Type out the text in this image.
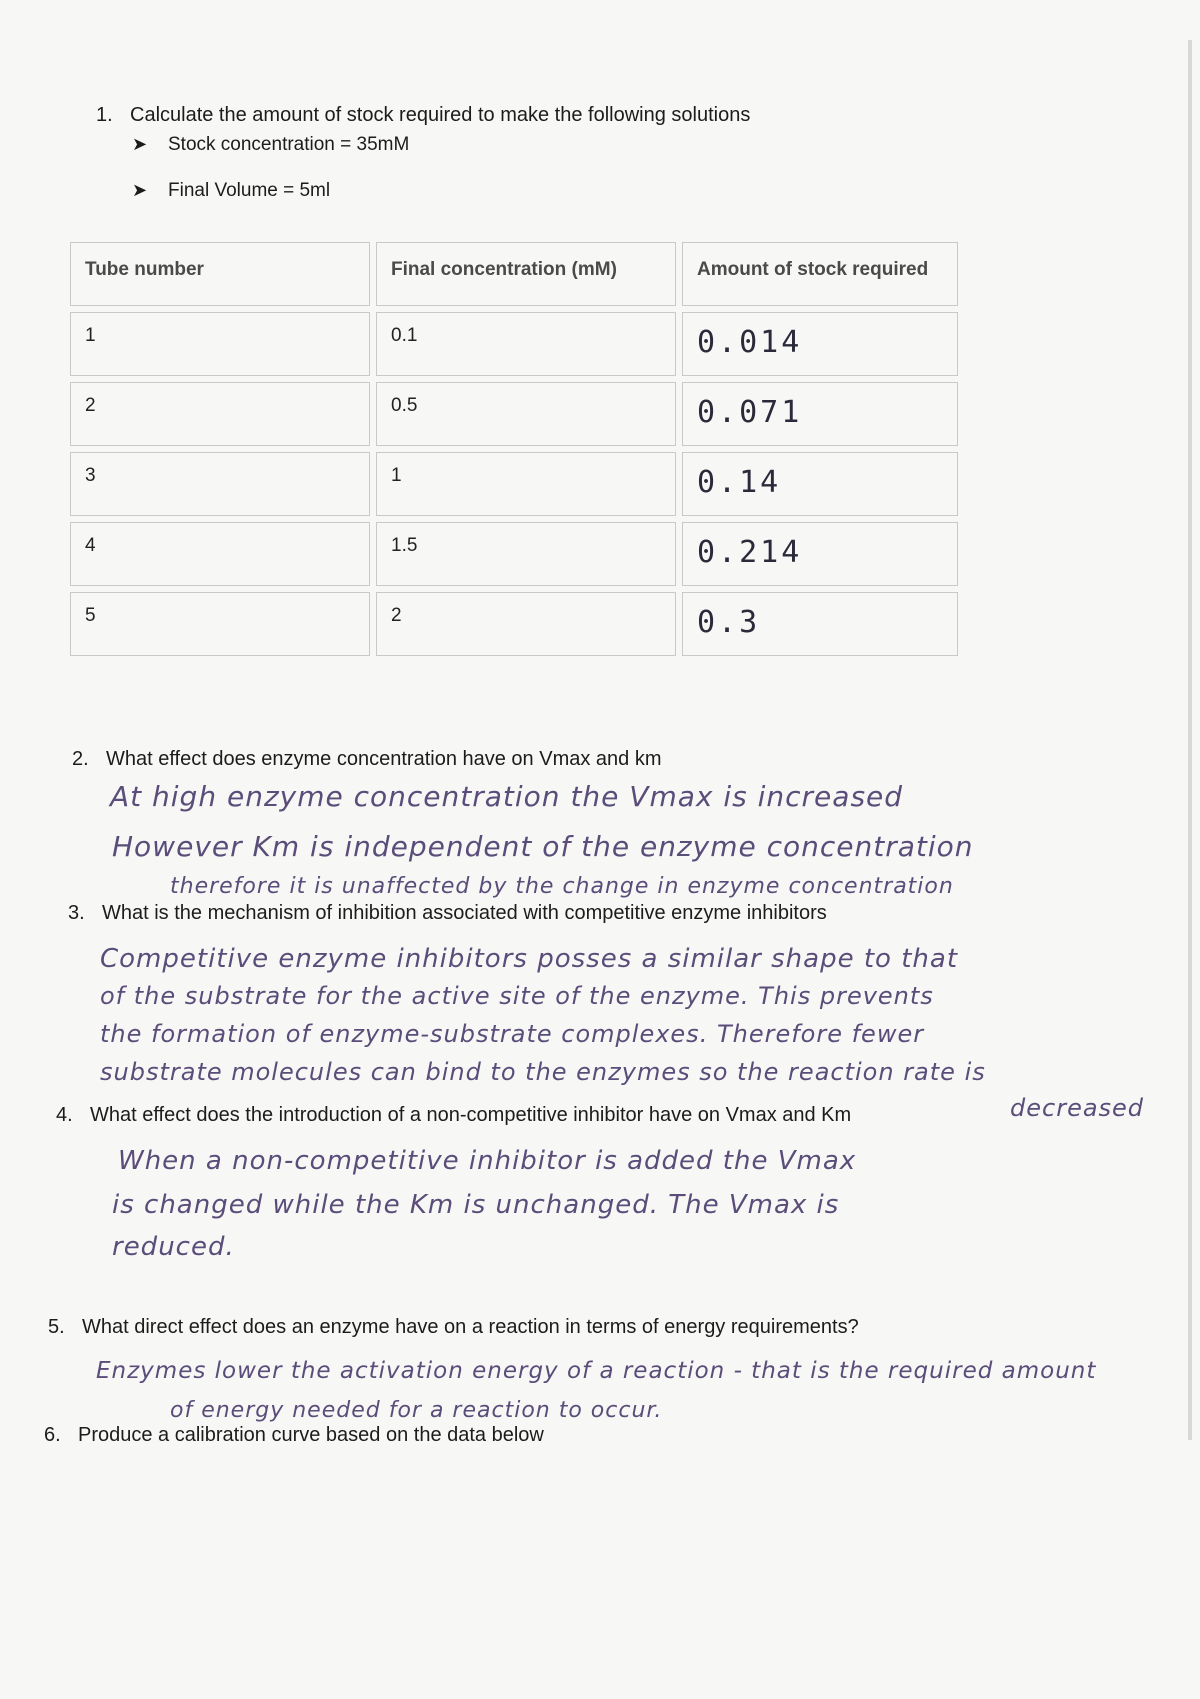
1. Calculate the amount of stock required to make the following solutions
➤ Stock concentration = 35mM
➤ Final Volume = 5ml
Tube number	Final concentration (mM)	Amount of stock required
1	0.1	0.014
2	0.5	0.071
3	1	0.14
4	1.5	0.214
5	2	0.3
2. What effect does enzyme concentration have on Vmax and km
At high enzyme concentration the Vmax is increased
However Km is independent of the enzyme concentration
therefore it is unaffected by the change in enzyme concentration
3. What is the mechanism of inhibition associated with competitive enzyme inhibitors
Competitive enzyme inhibitors posses a similar shape to that
of the substrate for the active site of the enzyme. This prevents
the formation of enzyme-substrate complexes. Therefore fewer
substrate molecules can bind to the enzymes so the reaction rate is
4. What effect does the introduction of a non-competitive inhibitor have on Vmax and Km	decreased
When a non-competitive inhibitor is added the Vmax
is changed while the Km is unchanged. The Vmax is
reduced.
5. What direct effect does an enzyme have on a reaction in terms of energy requirements?
Enzymes lower the activation energy of a reaction - that is the required amount
of energy needed for a reaction to occur.
6. Produce a calibration curve based on the data below
